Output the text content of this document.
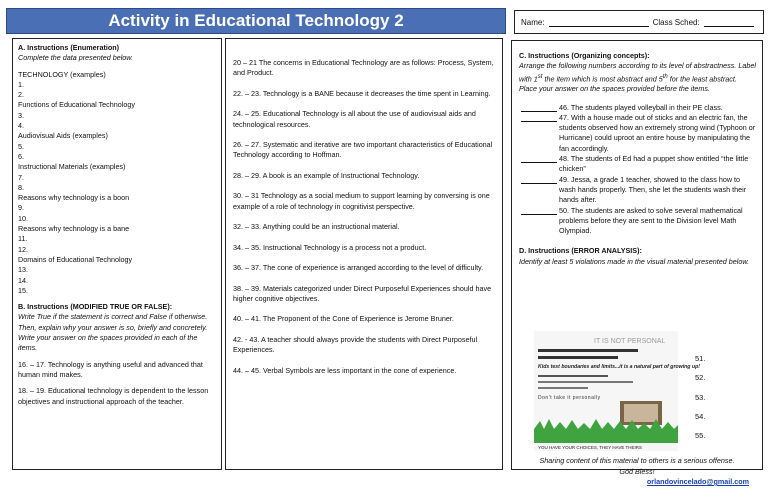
Activity in Educational Technology 2	Name:	Class Sched:
A. Instructions (Enumeration)
Complete the data presented below.
TECHNOLOGY (examples)
1.
2.
Functions of Educational Technology
3.
4.
Audiovisual Aids (examples)
5.
6.
Instructional Materials (examples)
7.
8.
Reasons why technology is a boon
9.
10.
Reasons why technology is a bane
11.
12.
Domains of Educational Technology
13.
14.
15.
B. Instructions (MODIFIED TRUE OR FALSE):
Write True if the statement is correct and False if otherwise. Then, explain why your answer is so, briefly and concretely. Write your answer on the spaces provided in each of the items.
16. – 17. Technology is anything useful and advanced that human mind makes.
18. – 19. Educational technology is dependent to the lesson objectives and instructional approach of the teacher.
20 – 21 The concerns in Educational Technology are as follows: Process, System, and Product.
22. – 23. Technology is a BANE because it decreases the time spent in Learning.
24. – 25. Educational Technology is all about the use of audiovisual aids and technological resources.
26. – 27. Systematic and iterative are two important characteristics of Educational Technology according to Hoffman.
28. – 29. A book is an example of Instructional Technology.
30. – 31 Technology as a social medium to support learning by conversing is one example of a role of technology in cognitivist perspective.
32. – 33. Anything could be an instructional material.
34. – 35. Instructional Technology is a process not a product.
36. – 37. The cone of experience is arranged according to the level of difficulty.
38. – 39. Materials categorized under Direct Purposeful Experiences should have higher cognitive objectives.
40. – 41. The Proponent of the Cone of Experience is Jerome Bruner.
42. - 43. A teacher should always provide the students with Direct Purposeful Experiences.
44. – 45. Verbal Symbols are less important in the cone of experience.
C. Instructions (Organizing concepts):
Arrange the following numbers according to its level of abstractness. Label with 1st the item which is most abstract and 5th for the least abstract. Place your answer on the spaces provided before the items.
46. The students played volleyball in their PE class.
47. With a house made out of sticks and an electric fan, the students observed how an extremely strong wind (Typhoon or Hurricane) could uproot an entire house by manipulating the fan accordingly.
48. The students of Ed had a puppet show entitled “the little chicken”
49. Jessa, a grade 1 teacher, showed to the class how to wash hands properly. Then, she let the students wash their hands after.
50. The students are asked to solve several mathematical problems before they are sent to the Division level Math Olympiad.
D. Instructions (ERROR ANALYSIS):
Identify at least 5 violations made in the visual material presented below.
IT IS NOT PERSONAL
Kids test boundaries and limits...it is a natural part of growing up!
Don’t take it personally
YOU HAVE YOUR CHOICES, THEY HAVE THEIRS
51.
52.
53.
54.
55.
Sharing content of this material to others is a serious offense.
God Bless!
orlandovincelado@gmail.com
